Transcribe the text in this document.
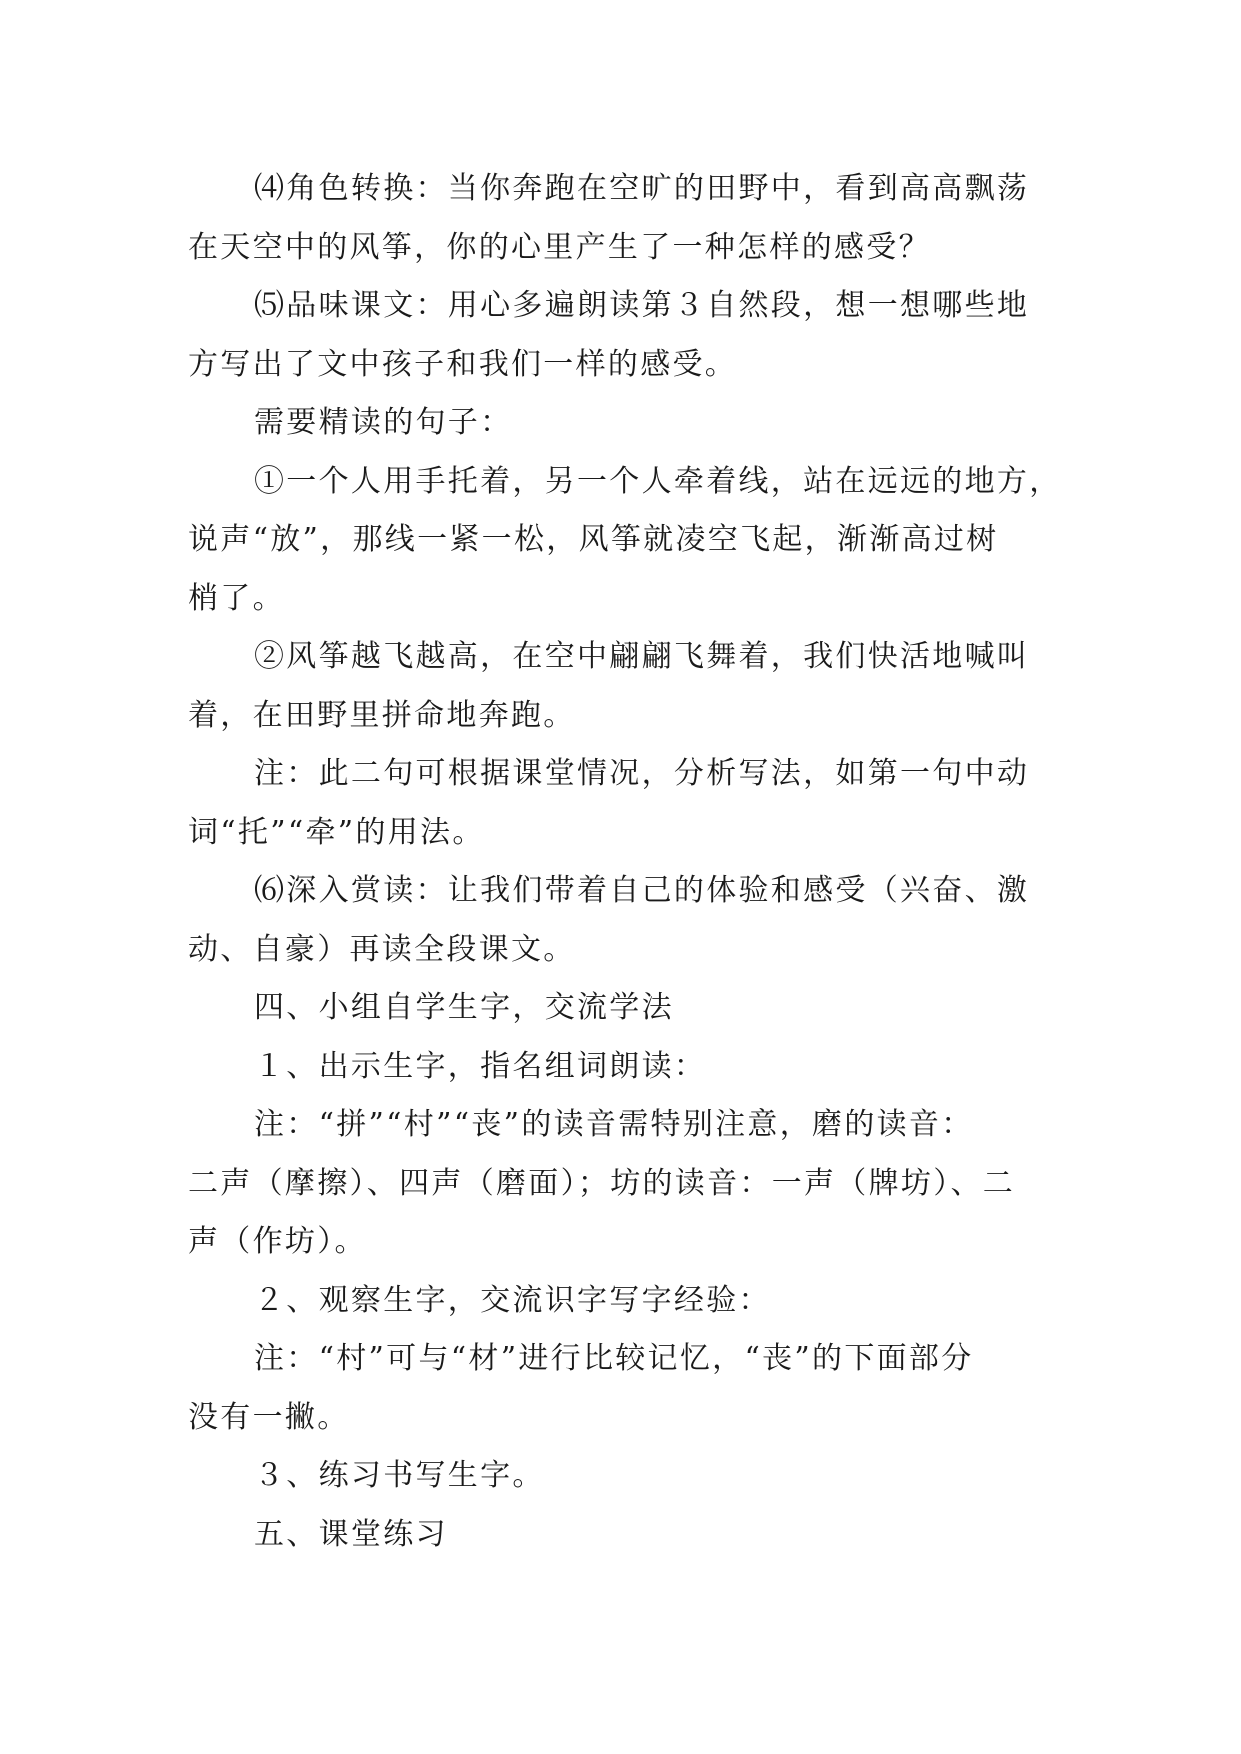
⑷角色转换：当你奔跑在空旷的田野中，看到高高飘荡
在天空中的风筝，你的心里产生了一种怎样的感受？
⑸品味课文：用心多遍朗读第３自然段，想一想哪些地
方写出了文中孩子和我们一样的感受。
需要精读的句子：
①一个人用手托着，另一个人牵着线，站在远远的地方，
说声“放”，那线一紧一松，风筝就凌空飞起，渐渐高过树
梢了。
②风筝越飞越高，在空中翩翩飞舞着，我们快活地喊叫
着，在田野里拼命地奔跑。
注：此二句可根据课堂情况，分析写法，如第一句中动
词“托”“牵”的用法。
⑹深入赏读：让我们带着自己的体验和感受（兴奋、激
动、自豪）再读全段课文。
四、小组自学生字，交流学法
１、出示生字，指名组词朗读：
注：“拼”“村”“丧”的读音需特别注意，磨的读音：
二声（摩擦）、四声（磨面）；坊的读音：一声（牌坊）、二
声（作坊）。
２、观察生字，交流识字写字经验：
注：“村”可与“材”进行比较记忆，“丧”的下面部分
没有一撇。
３、练习书写生字。
五、课堂练习
